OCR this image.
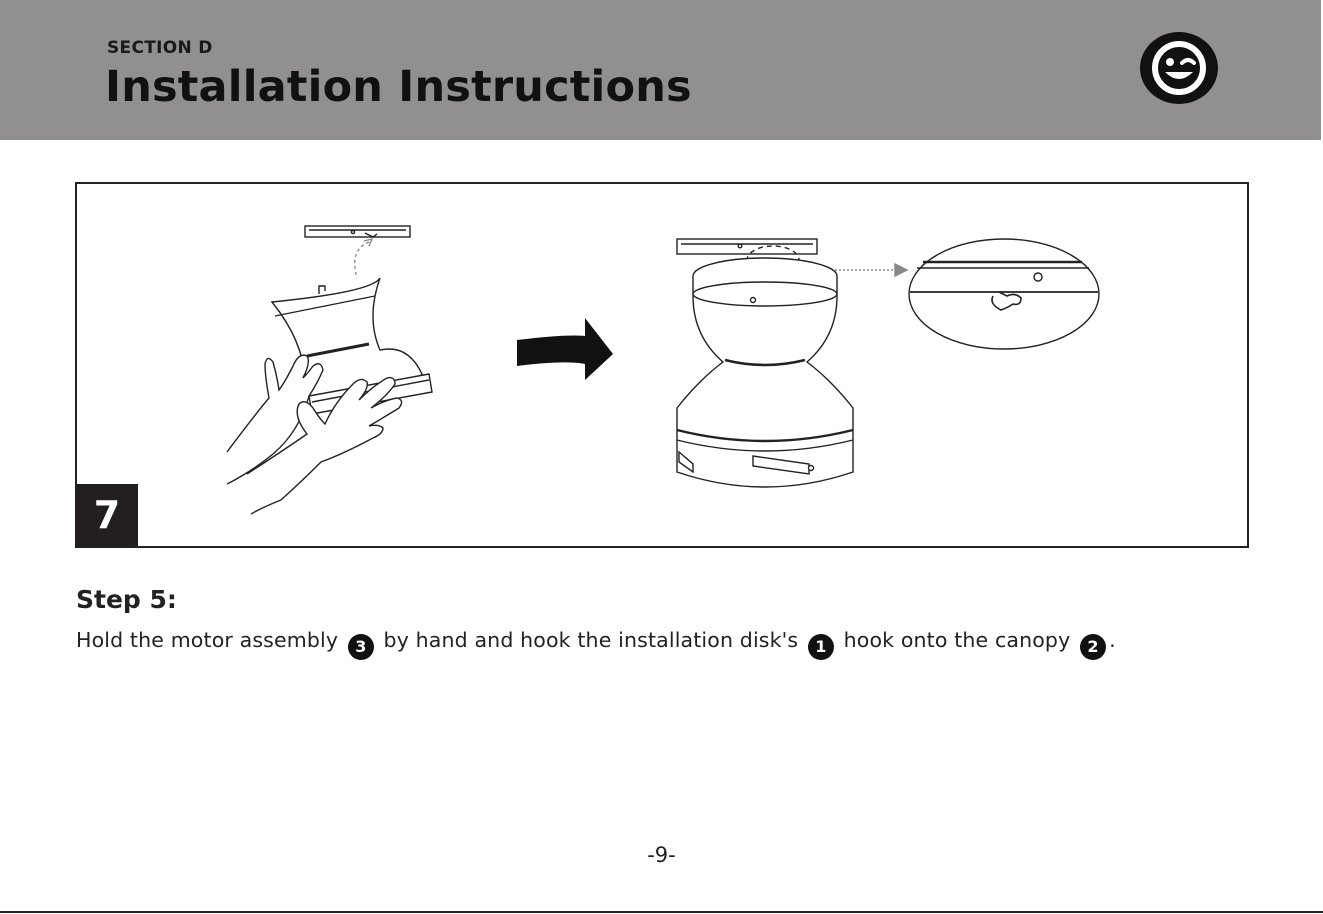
SECTION D
Installation Instructions
7
Step 5:
Hold the motor assembly 3 by hand and hook the installation disk's 1 hook onto the canopy 2 .
-9-
